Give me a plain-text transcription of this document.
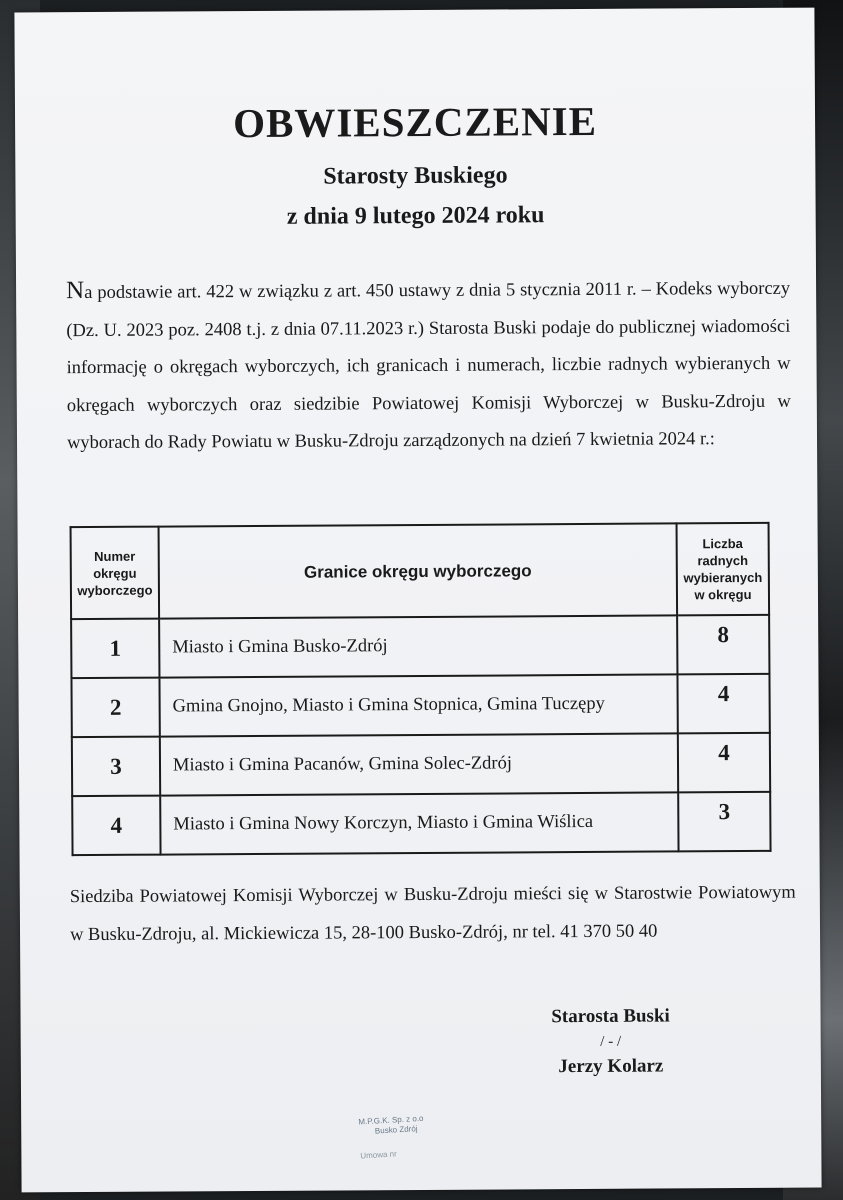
OBWIESZCZENIE
Starosty Buskiego
z dnia 9 lutego 2024 roku
Na podstawie art. 422 w związku z art. 450 ustawy z dnia 5 stycznia 2011 r. – Kodeks wyborczy (Dz. U. 2023 poz. 2408 t.j. z dnia 07.11.2023 r.) Starosta Buski podaje do publicznej wiadomości informację o okręgach wyborczych, ich granicach i numerach, liczbie radnych wybieranych w okręgach wyborczych oraz siedzibie Powiatowej Komisji Wyborczej w Busku-Zdroju w wyborach do Rady Powiatu w Busku-Zdroju zarządzonych na dzień 7 kwietnia 2024 r.:
Numer okręgu wyborczego	Granice okręgu wyborczego	Liczba radnych wybieranych w okręgu
1	Miasto i Gmina Busko-Zdrój	8
2	Gmina Gnojno, Miasto i Gmina Stopnica, Gmina Tuczępy	4
3	Miasto i Gmina Pacanów, Gmina Solec-Zdrój	4
4	Miasto i Gmina Nowy Korczyn, Miasto i Gmina Wiślica	3
Siedziba Powiatowej Komisji Wyborczej w Busku-Zdroju mieści się w Starostwie Powiatowym w Busku-Zdroju, al. Mickiewicza 15, 28-100 Busko-Zdrój, nr tel. 41 370 50 40
Starosta Buski
/ - /
Jerzy Kolarz
M.P.G.K. Sp. z o.o
Busko Zdrój
Umowa nr
